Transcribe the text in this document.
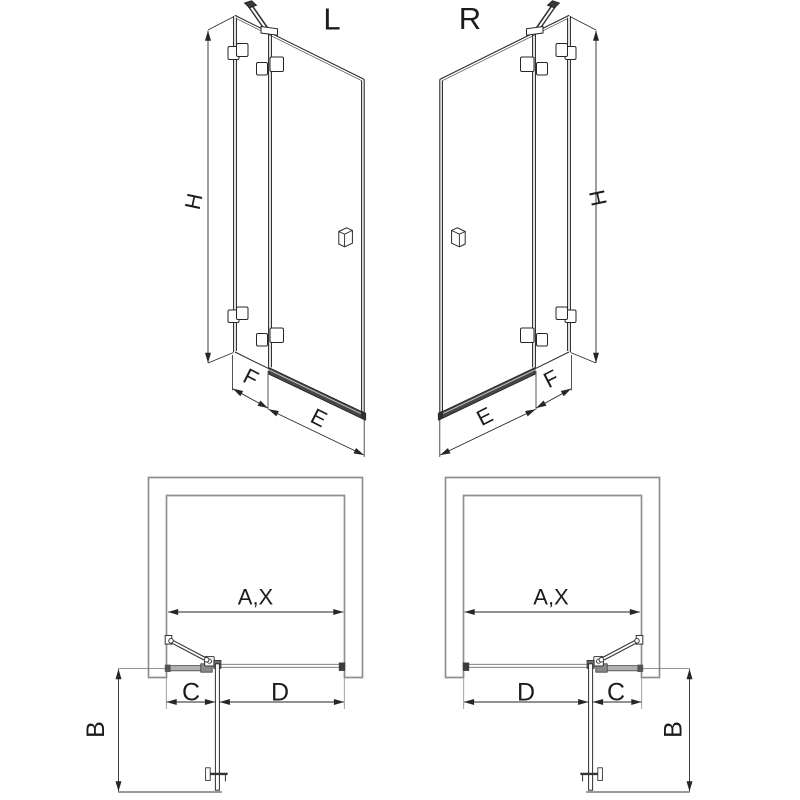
L
H
F
E
R
H
F
E
A,X
C	D
B
A,X
D	C
B
